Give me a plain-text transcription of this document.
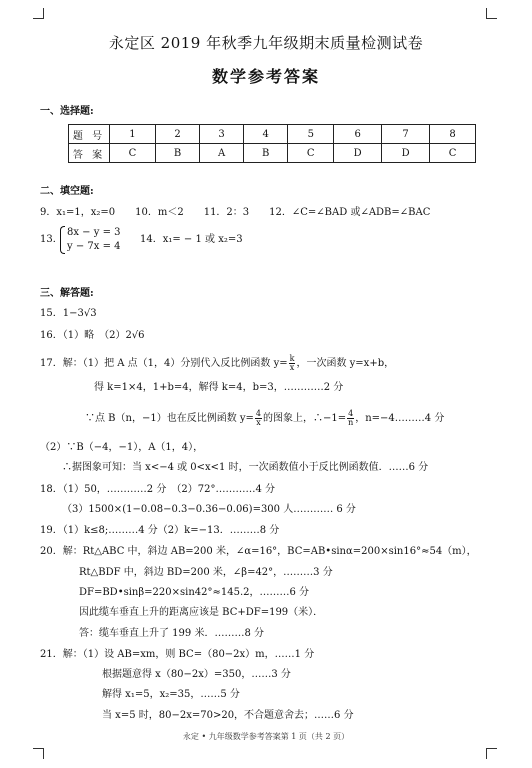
永定区 2019 年秋季九年级期末质量检测试卷
数学参考答案
一、选择题:
题 号	1	2	3	4	5	6	7	8
答 案	C	B	A	B	C	D	D	C
二、填空题:
9．x₁=1，x₂=0　　10．m＜2　　11．2：3　　12．∠C=∠BAD 或∠ADB=∠BAC
13．
8x − y = 3
y − 7x = 4
14．x₁= − 1 或 x₂=3
三、解答题:
15．1−3√3
16．（1）略　（2）2√6
17．解：（1）把 A 点（1，4）分别代入反比例函数 $y= \frac{k}{x}$ ，一次函数 y=x+b，
得 k=1×4，1+b=4，解得 k=4，b=3，…………2 分
∵点 B（n，−1）也在反比例函数 $y= \frac{4}{x}$ 的图象上，∴−1= $\frac{4}{n}$ ，n=−4………4 分
（2）∵B（−4，−1），A（1，4），
∴据图象可知：当 x<−4 或 0<x<1 时，一次函数值小于反比例函数值．……6 分
18．（1）50，…………2 分　（2）72°…………4 分
（3）1500×(1−0.08−0.3−0.36−0.06)=300 人………… 6 分
19．（1）k≤8;………4 分（2）k=−13．………8 分
20．解：Rt△ABC 中，斜边 AB=200 米，∠α=16°，BC=AB•sinα=200×sin16°≈54（m），
Rt△BDF 中，斜边 BD=200 米，∠β=42°，………3 分
DF=BD•sinβ=220×sin42°≈145.2，………6 分
因此缆车垂直上升的距离应该是 BC+DF=199（米）．
答：缆车垂直上升了 199 米．………8 分
21．解：（1）设 AB=xm，则 BC=（80−2x）m，……1 分
根据题意得 x（80−2x）=350，……3 分
解得 x₁=5，x₂=35，……5 分
当 x=5 时，80−2x=70>20，不合题意舍去；……6 分
永定 • 九年级数学参考答案第 1 页（共 2 页）
